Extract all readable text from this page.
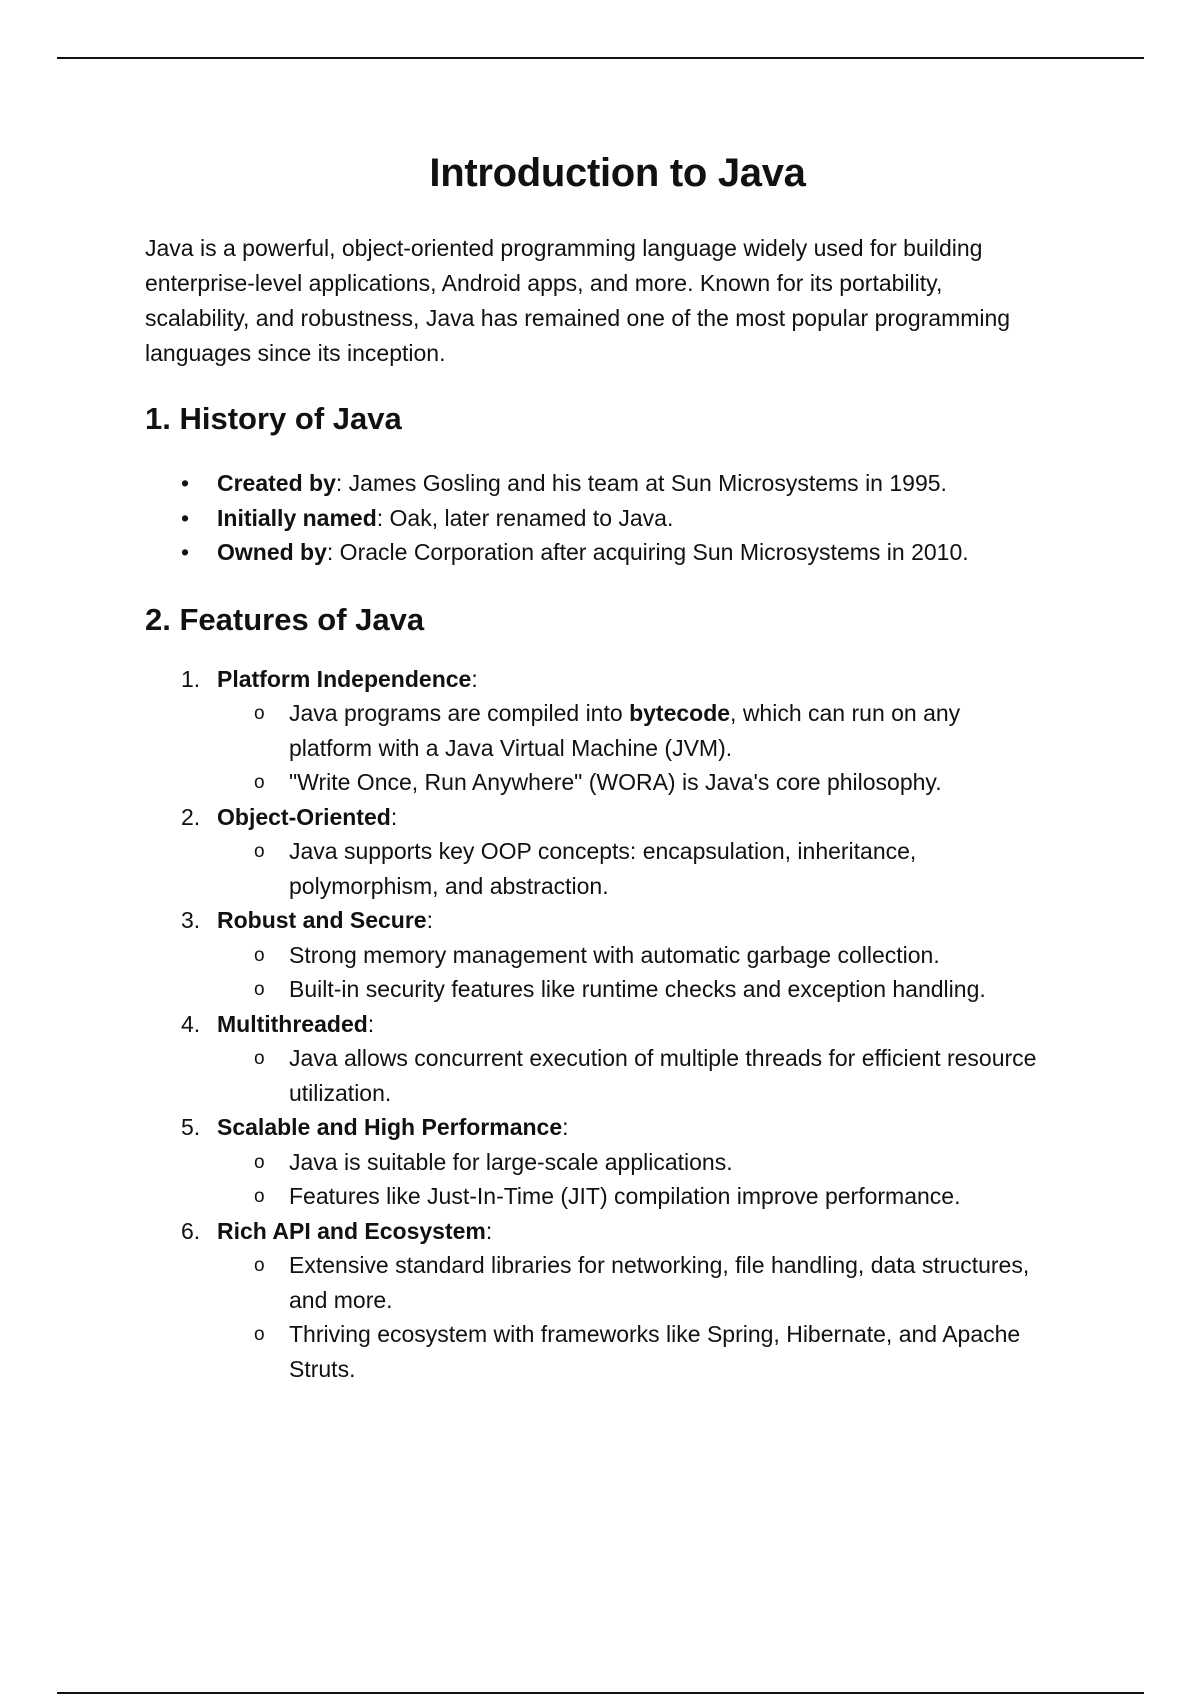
Introduction to Java

Java is a powerful, object-oriented programming language widely used for building enterprise-level applications, Android apps, and more. Known for its portability, scalability, and robustness, Java has remained one of the most popular programming languages since its inception.

1. History of Java
• Created by: James Gosling and his team at Sun Microsystems in 1995.
• Initially named: Oak, later renamed to Java.
• Owned by: Oracle Corporation after acquiring Sun Microsystems in 2010.
2. Features of Java
1. Platform Independence:
o Java programs are compiled into bytecode, which can run on any platform with a Java Virtual Machine (JVM).
o "Write Once, Run Anywhere" (WORA) is Java's core philosophy.
2. Object-Oriented:
o Java supports key OOP concepts: encapsulation, inheritance, polymorphism, and abstraction.
3. Robust and Secure:
o Strong memory management with automatic garbage collection.
o Built-in security features like runtime checks and exception handling.
4. Multithreaded:
o Java allows concurrent execution of multiple threads for efficient resource utilization.
5. Scalable and High Performance:
o Java is suitable for large-scale applications.
o Features like Just-In-Time (JIT) compilation improve performance.
6. Rich API and Ecosystem:
o Extensive standard libraries for networking, file handling, data structures, and more.
o Thriving ecosystem with frameworks like Spring, Hibernate, and Apache Struts.
